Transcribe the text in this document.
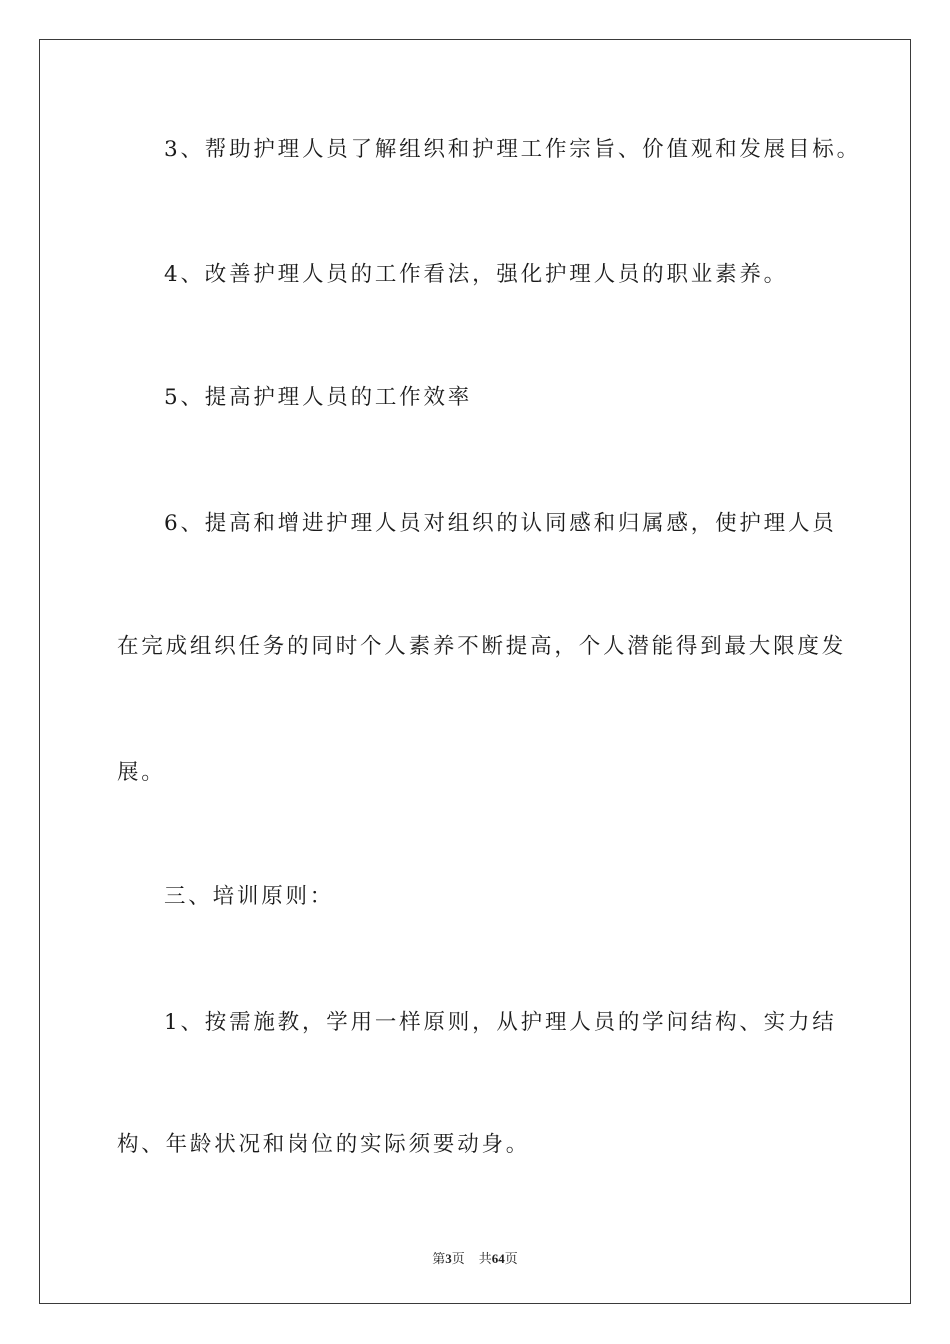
3、帮助护理人员了解组织和护理工作宗旨、价值观和发展目标。
4、改善护理人员的工作看法，强化护理人员的职业素养。
5、提高护理人员的工作效率
6、提高和增进护理人员对组织的认同感和归属感，使护理人员
在完成组织任务的同时个人素养不断提高，个人潜能得到最大限度发
展。
三、培训原则：
1、按需施教，学用一样原则，从护理人员的学问结构、实力结
构、年龄状况和岗位的实际须要动身。
第3页 共64页
